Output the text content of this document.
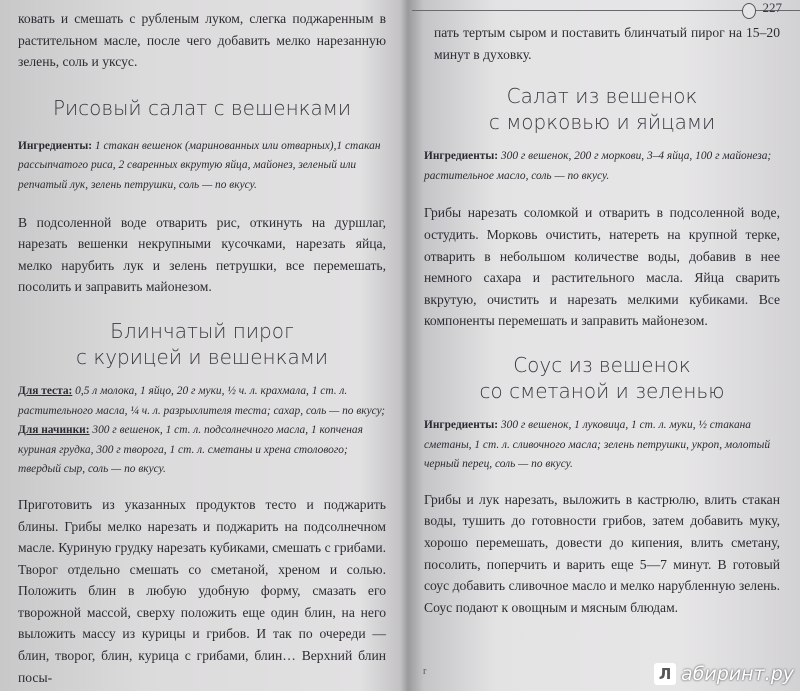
ковать и смешать с рубленым луком, слегка поджаренным в растительном масле, после чего добавить мелко нарезанную зелень, соль и уксус.

Рисовый салат с вешенками

Ингредиенты: 1 стакан вешенок (маринованных или отварных),1 стакан рассыпчатого риса, 2 сваренных вкрутую яйца, майонез, зеленый или репчатый лук, зелень петрушки, соль — по вкусу.

В подсоленной воде отварить рис, откинуть на дуршлаг, нарезать вешенки некрупными кусочками, нарезать яйца, мелко нарубить лук и зелень петрушки, все перемешать, посолить и заправить майонезом.

Блинчатый пирог
с курицей и вешенками

Для теста: 0,5 л молока, 1 яйцо, 20 г муки, ½ ч. л. крахмала, 1 ст. л. растительного масла, ¼ ч. л. разрыхлителя теста; сахар, соль — по вкусу;

Для начинки: 300 г вешенок, 1 ст. л. подсолнечного масла, 1 копченая куриная грудка, 300 г творога, 1 ст. л. сметаны и хрена столового; твердый сыр, соль — по вкусу.

Приготовить из указанных продуктов тесто и поджарить блины. Грибы мелко нарезать и поджарить на подсолнечном масле. Куриную грудку нарезать кубиками, смешать с грибами. Творог отдельно смешать со сметаной, хреном и солью. Положить блин в любую удобную форму, смазать его творожной массой, сверху положить еще один блин, на него выложить массу из курицы и грибов. И так по очереди — блин, творог, блин, курица с грибами, блин… Верхний блин посы-

227

пать тертым сыром и поставить блинчатый пирог на 15–20 минут в духовку.

Салат из вешенок
с морковью и яйцами

Ингредиенты: 300 г вешенок, 200 г моркови, 3–4 яйца, 100 г майонеза; растительное масло, соль — по вкусу.

Грибы нарезать соломкой и отварить в подсоленной воде, остудить. Морковь очистить, натереть на крупной терке, отварить в небольшом количестве воды, добавив в нее немного сахара и растительного масла. Яйца сварить вкрутую, очистить и нарезать мелкими кубиками. Все компоненты перемешать и заправить майонезом.

Соус из вешенок
со сметаной и зеленью

Ингредиенты: 300 г вешенок, 1 луковица, 1 ст. л. муки, ½ стакана сметаны, 1 ст. л. сливочного масла; зелень петрушки, укроп, молотый черный перец, соль — по вкусу.

Грибы и лук нарезать, выложить в кастрюлю, влить стакан воды, тушить до готовности грибов, затем добавить муку, хорошо перемешать, довести до кипения, влить сметану, посолить, поперчить и варить еще 5—7 минут. В готовый соус добавить сливочное масло и мелко нарубленную зелень. Соус подают к овощным и мясным блюдам.

r	Л абиринт.ру
